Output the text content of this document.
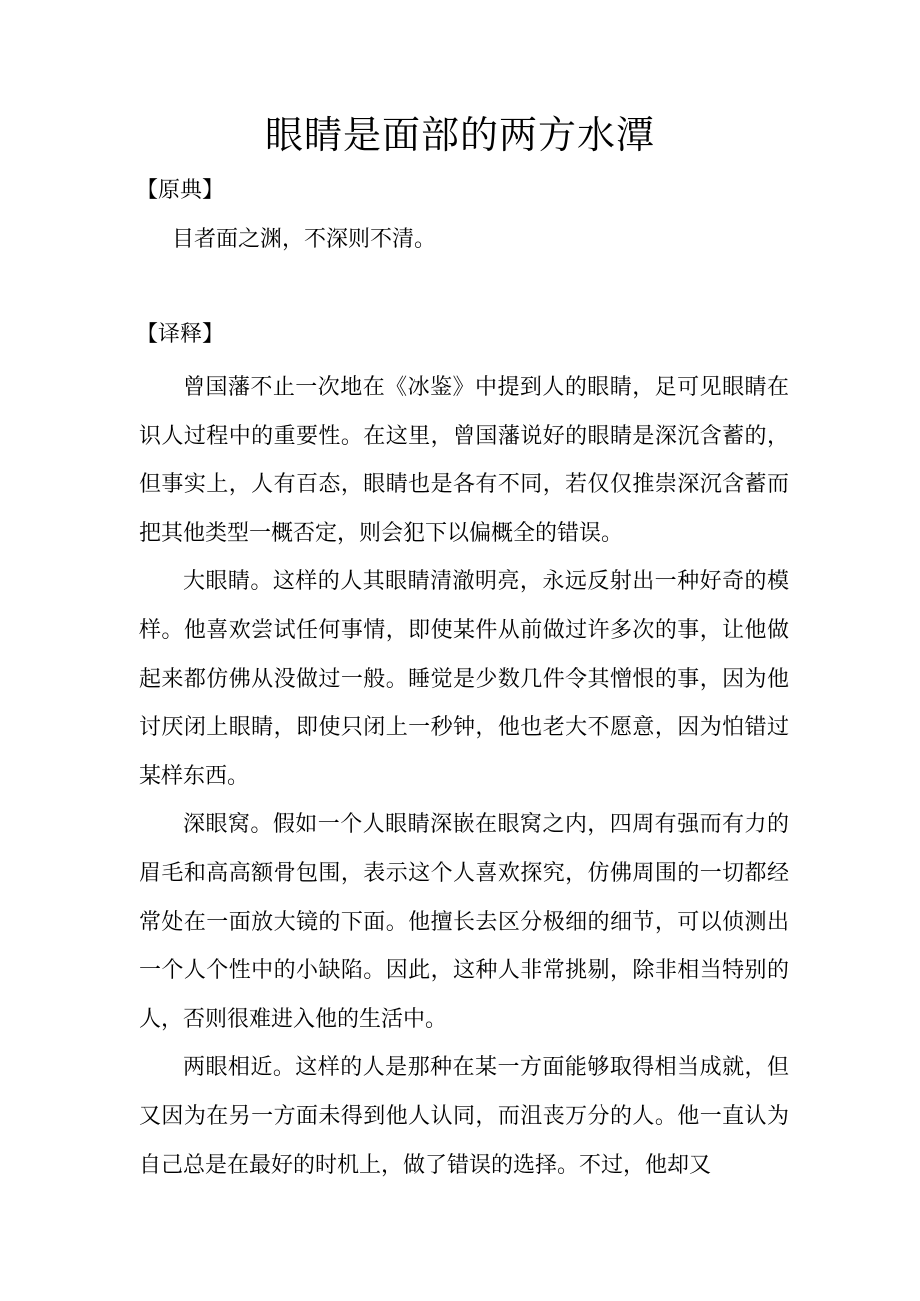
眼睛是面部的两方水潭
【原典】
目者面之渊，不深则不清。
【译释】

曾国藩不止一次地在《冰鉴》中提到人的眼睛，足可见眼睛在识人过程中的重要性。在这里，曾国藩说好的眼睛是深沉含蓄的，但事实上，人有百态，眼睛也是各有不同，若仅仅推崇深沉含蓄而把其他类型一概否定，则会犯下以偏概全的错误。

大眼睛。这样的人其眼睛清澈明亮，永远反射出一种好奇的模样。他喜欢尝试任何事情，即使某件从前做过许多次的事，让他做起来都仿佛从没做过一般。睡觉是少数几件令其憎恨的事，因为他讨厌闭上眼睛，即使只闭上一秒钟，他也老大不愿意，因为怕错过某样东西。

深眼窝。假如一个人眼睛深嵌在眼窝之内，四周有强而有力的眉毛和高高额骨包围，表示这个人喜欢探究，仿佛周围的一切都经常处在一面放大镜的下面。他擅长去区分极细的细节，可以侦测出一个人个性中的小缺陷。因此，这种人非常挑剔，除非相当特别的人，否则很难进入他的生活中。

两眼相近。这样的人是那种在某一方面能够取得相当成就，但又因为在另一方面未得到他人认同，而沮丧万分的人。他一直认为自己总是在最好的时机上，做了错误的选择。不过，他却又
